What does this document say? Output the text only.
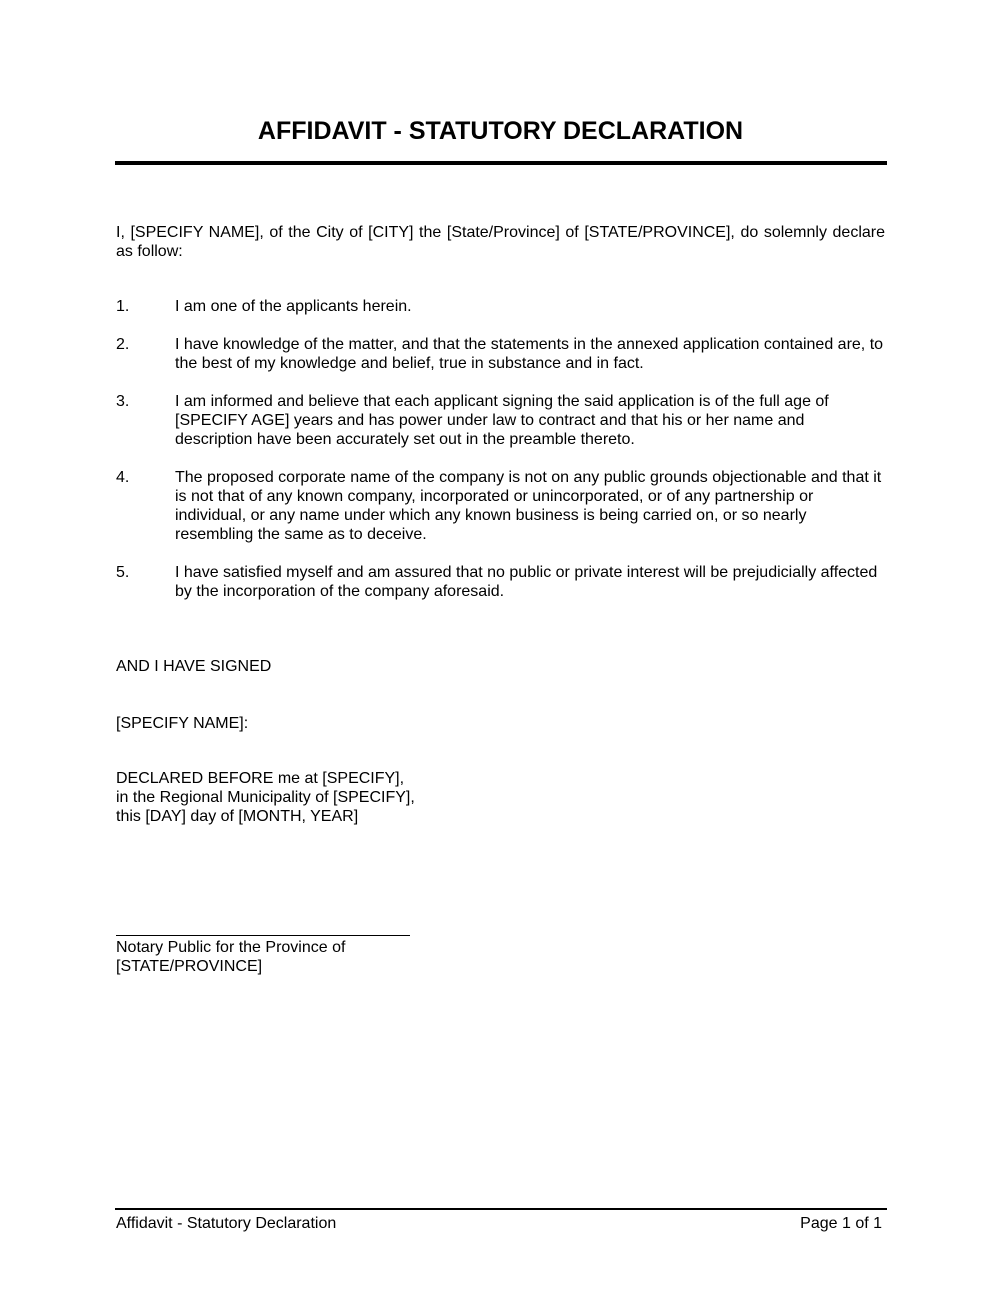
AFFIDAVIT - STATUTORY DECLARATION

I, [SPECIFY NAME], of the City of [CITY] the [State/Province] of [STATE/PROVINCE], do solemnly declare as follow:

1.	I am one of the applicants herein.
2.	I have knowledge of the matter, and that the statements in the annexed application contained are, to the best of my knowledge and belief, true in substance and in fact.
3.	I am informed and believe that each applicant signing the said application is of the full age of [SPECIFY AGE] years and has power under law to contract and that his or her name and description have been accurately set out in the preamble thereto.
4.	The proposed corporate name of the company is not on any public grounds objectionable and that it is not that of any known company, incorporated or unincorporated, or of any partnership or individual, or any name under which any known business is being carried on, or so nearly resembling the same as to deceive.
5.	I have satisfied myself and am assured that no public or private interest will be prejudicially affected by the incorporation of the company aforesaid.

AND I HAVE SIGNED

[SPECIFY NAME]:

DECLARED BEFORE me at [SPECIFY],
in the Regional Municipality of [SPECIFY],
this [DAY] day of [MONTH, YEAR]

Notary Public for the Province of
[STATE/PROVINCE]

Affidavit - Statutory Declaration	Page 1 of 1
